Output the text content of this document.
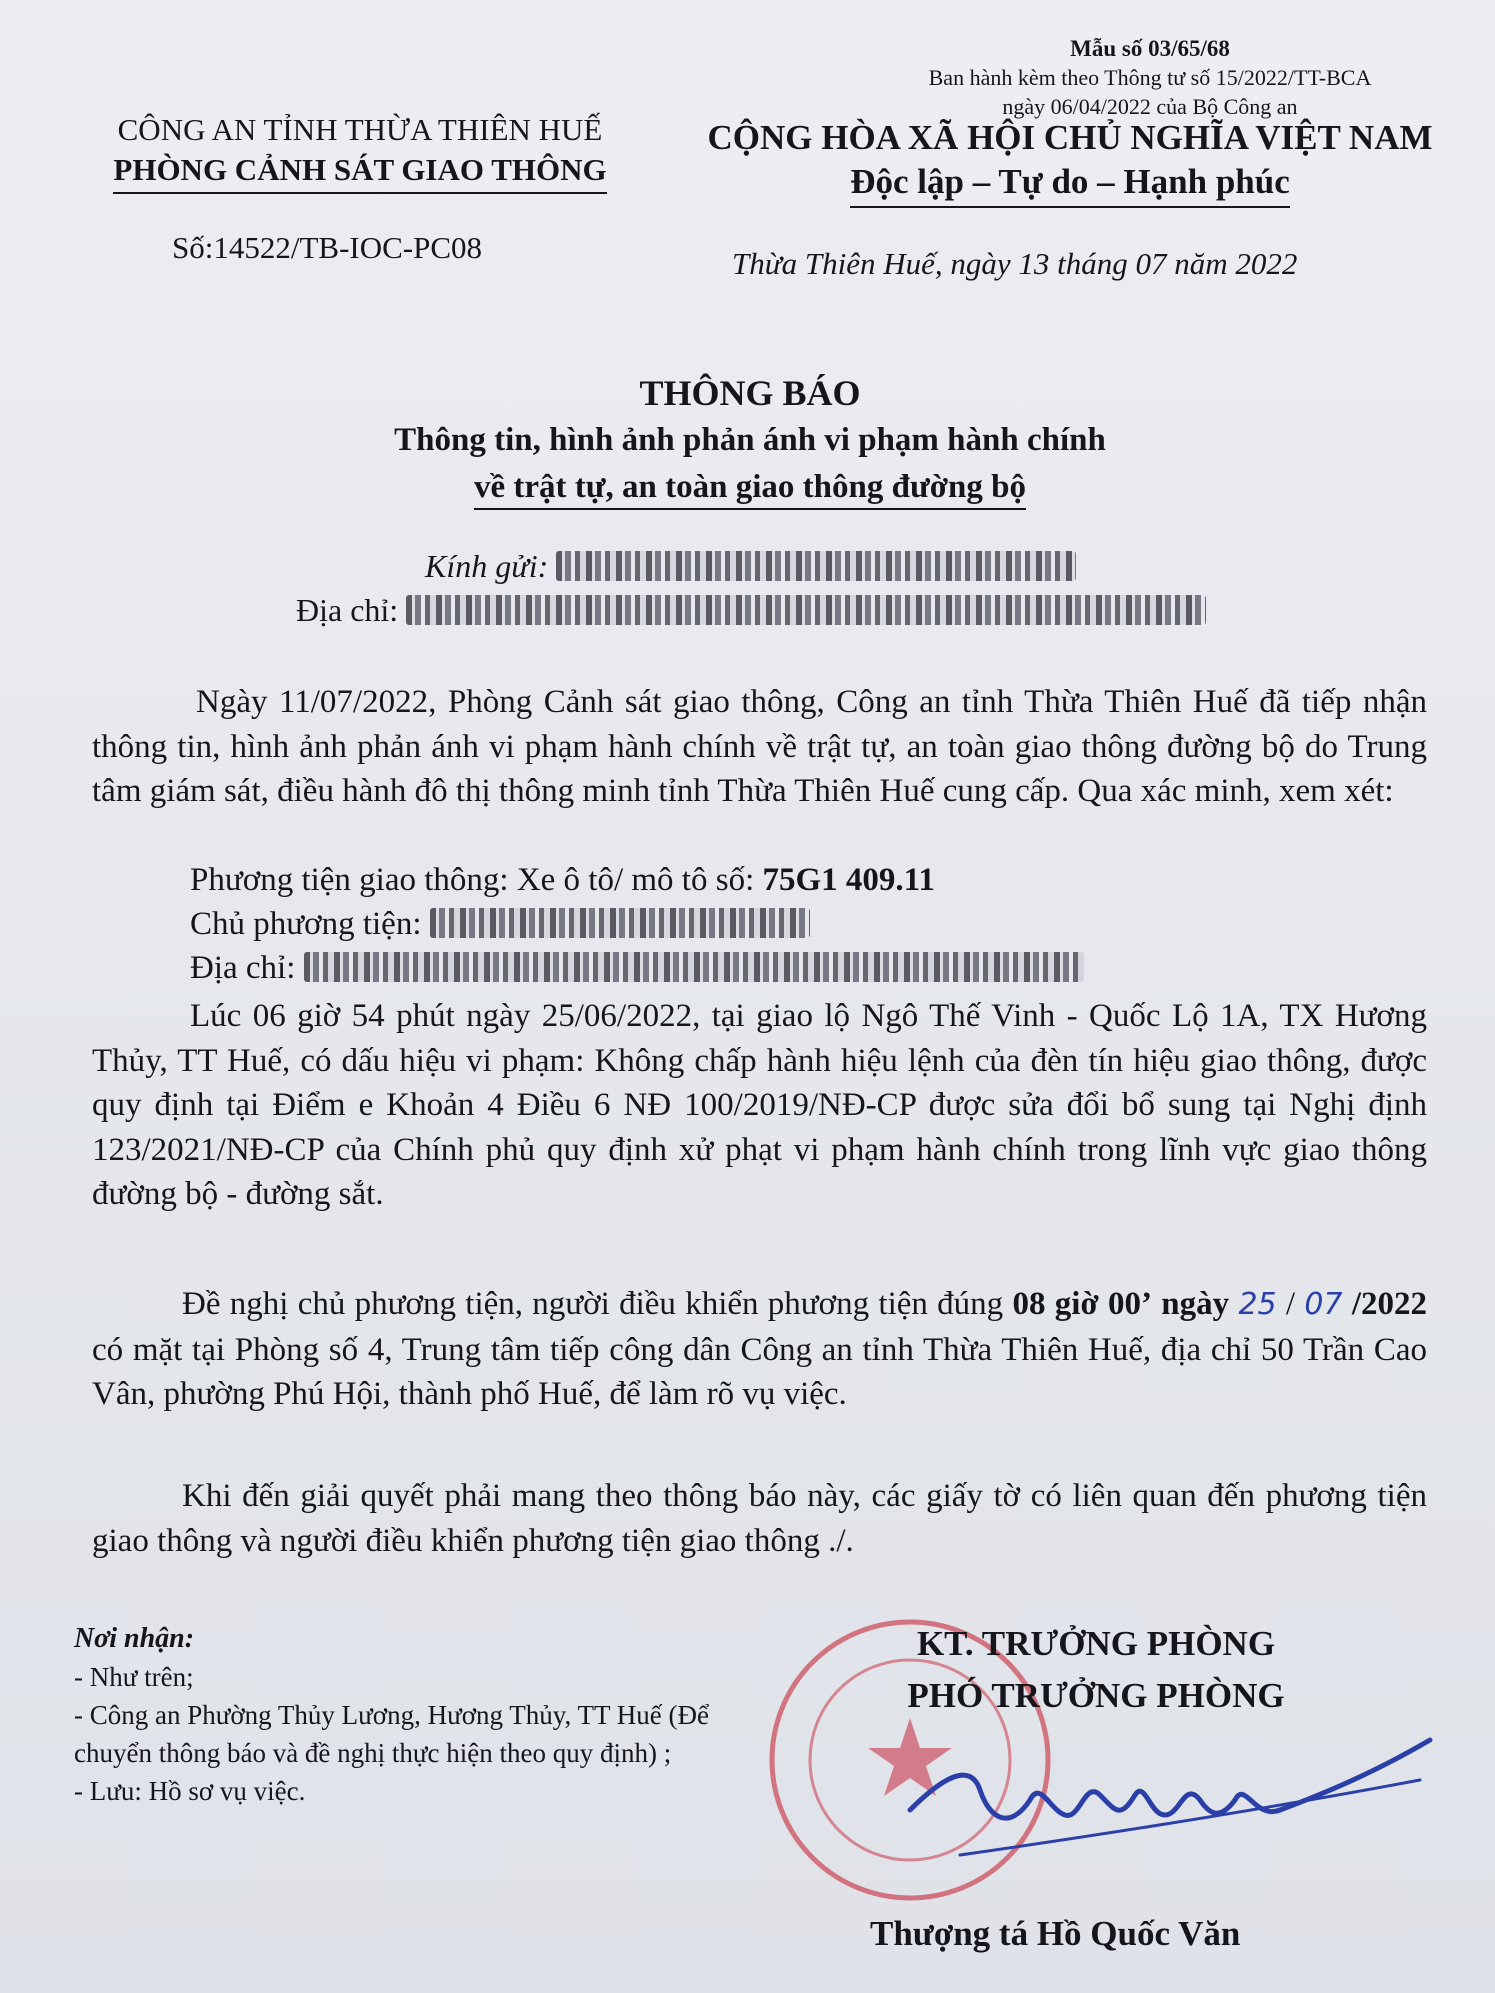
Mẫu số 03/65/68
Ban hành kèm theo Thông tư số 15/2022/TT-BCA
ngày 06/04/2022 của Bộ Công an
CÔNG AN TỈNH THỪA THIÊN HUẾ
PHÒNG CẢNH SÁT GIAO THÔNG
CỘNG HÒA XÃ HỘI CHỦ NGHĨA VIỆT NAM
Độc lập – Tự do – Hạnh phúc
Số:14522/TB-IOC-PC08	Thừa Thiên Huế, ngày 13 tháng 07 năm 2022
THÔNG BÁO
Thông tin, hình ảnh phản ánh vi phạm hành chính
về trật tự, an toàn giao thông đường bộ
Kính gửi:
Địa chỉ:
Ngày 11/07/2022, Phòng Cảnh sát giao thông, Công an tỉnh Thừa Thiên Huế đã tiếp nhận thông tin, hình ảnh phản ánh vi phạm hành chính về trật tự, an toàn giao thông đường bộ do Trung tâm giám sát, điều hành đô thị thông minh tỉnh Thừa Thiên Huế cung cấp. Qua xác minh, xem xét:
Phương tiện giao thông: Xe ô tô/ mô tô số: 75G1 409.11
Chủ phương tiện:
Địa chỉ:
Lúc 06 giờ 54 phút ngày 25/06/2022, tại giao lộ Ngô Thế Vinh - Quốc Lộ 1A, TX Hương Thủy, TT Huế, có dấu hiệu vi phạm: Không chấp hành hiệu lệnh của đèn tín hiệu giao thông, được quy định tại Điểm e Khoản 4 Điều 6 NĐ 100/2019/NĐ-CP được sửa đổi bổ sung tại Nghị định 123/2021/NĐ-CP của Chính phủ quy định xử phạt vi phạm hành chính trong lĩnh vực giao thông đường bộ - đường sắt.
Đề nghị chủ phương tiện, người điều khiển phương tiện đúng 08 giờ 00’ ngày 25 / 07 /2022 có mặt tại Phòng số 4, Trung tâm tiếp công dân Công an tỉnh Thừa Thiên Huế, địa chỉ 50 Trần Cao Vân, phường Phú Hội, thành phố Huế, để làm rõ vụ việc.
Khi đến giải quyết phải mang theo thông báo này, các giấy tờ có liên quan đến phương tiện giao thông và người điều khiển phương tiện giao thông ./.
Nơi nhận:
- Như trên;
- Công an Phường Thủy Lương, Hương Thủy, TT Huế (Để chuyển thông báo và đề nghị thực hiện theo quy định) ;
- Lưu: Hồ sơ vụ việc.
KT. TRƯỞNG PHÒNG
PHÓ TRƯỞNG PHÒNG
Thượng tá Hồ Quốc Văn
